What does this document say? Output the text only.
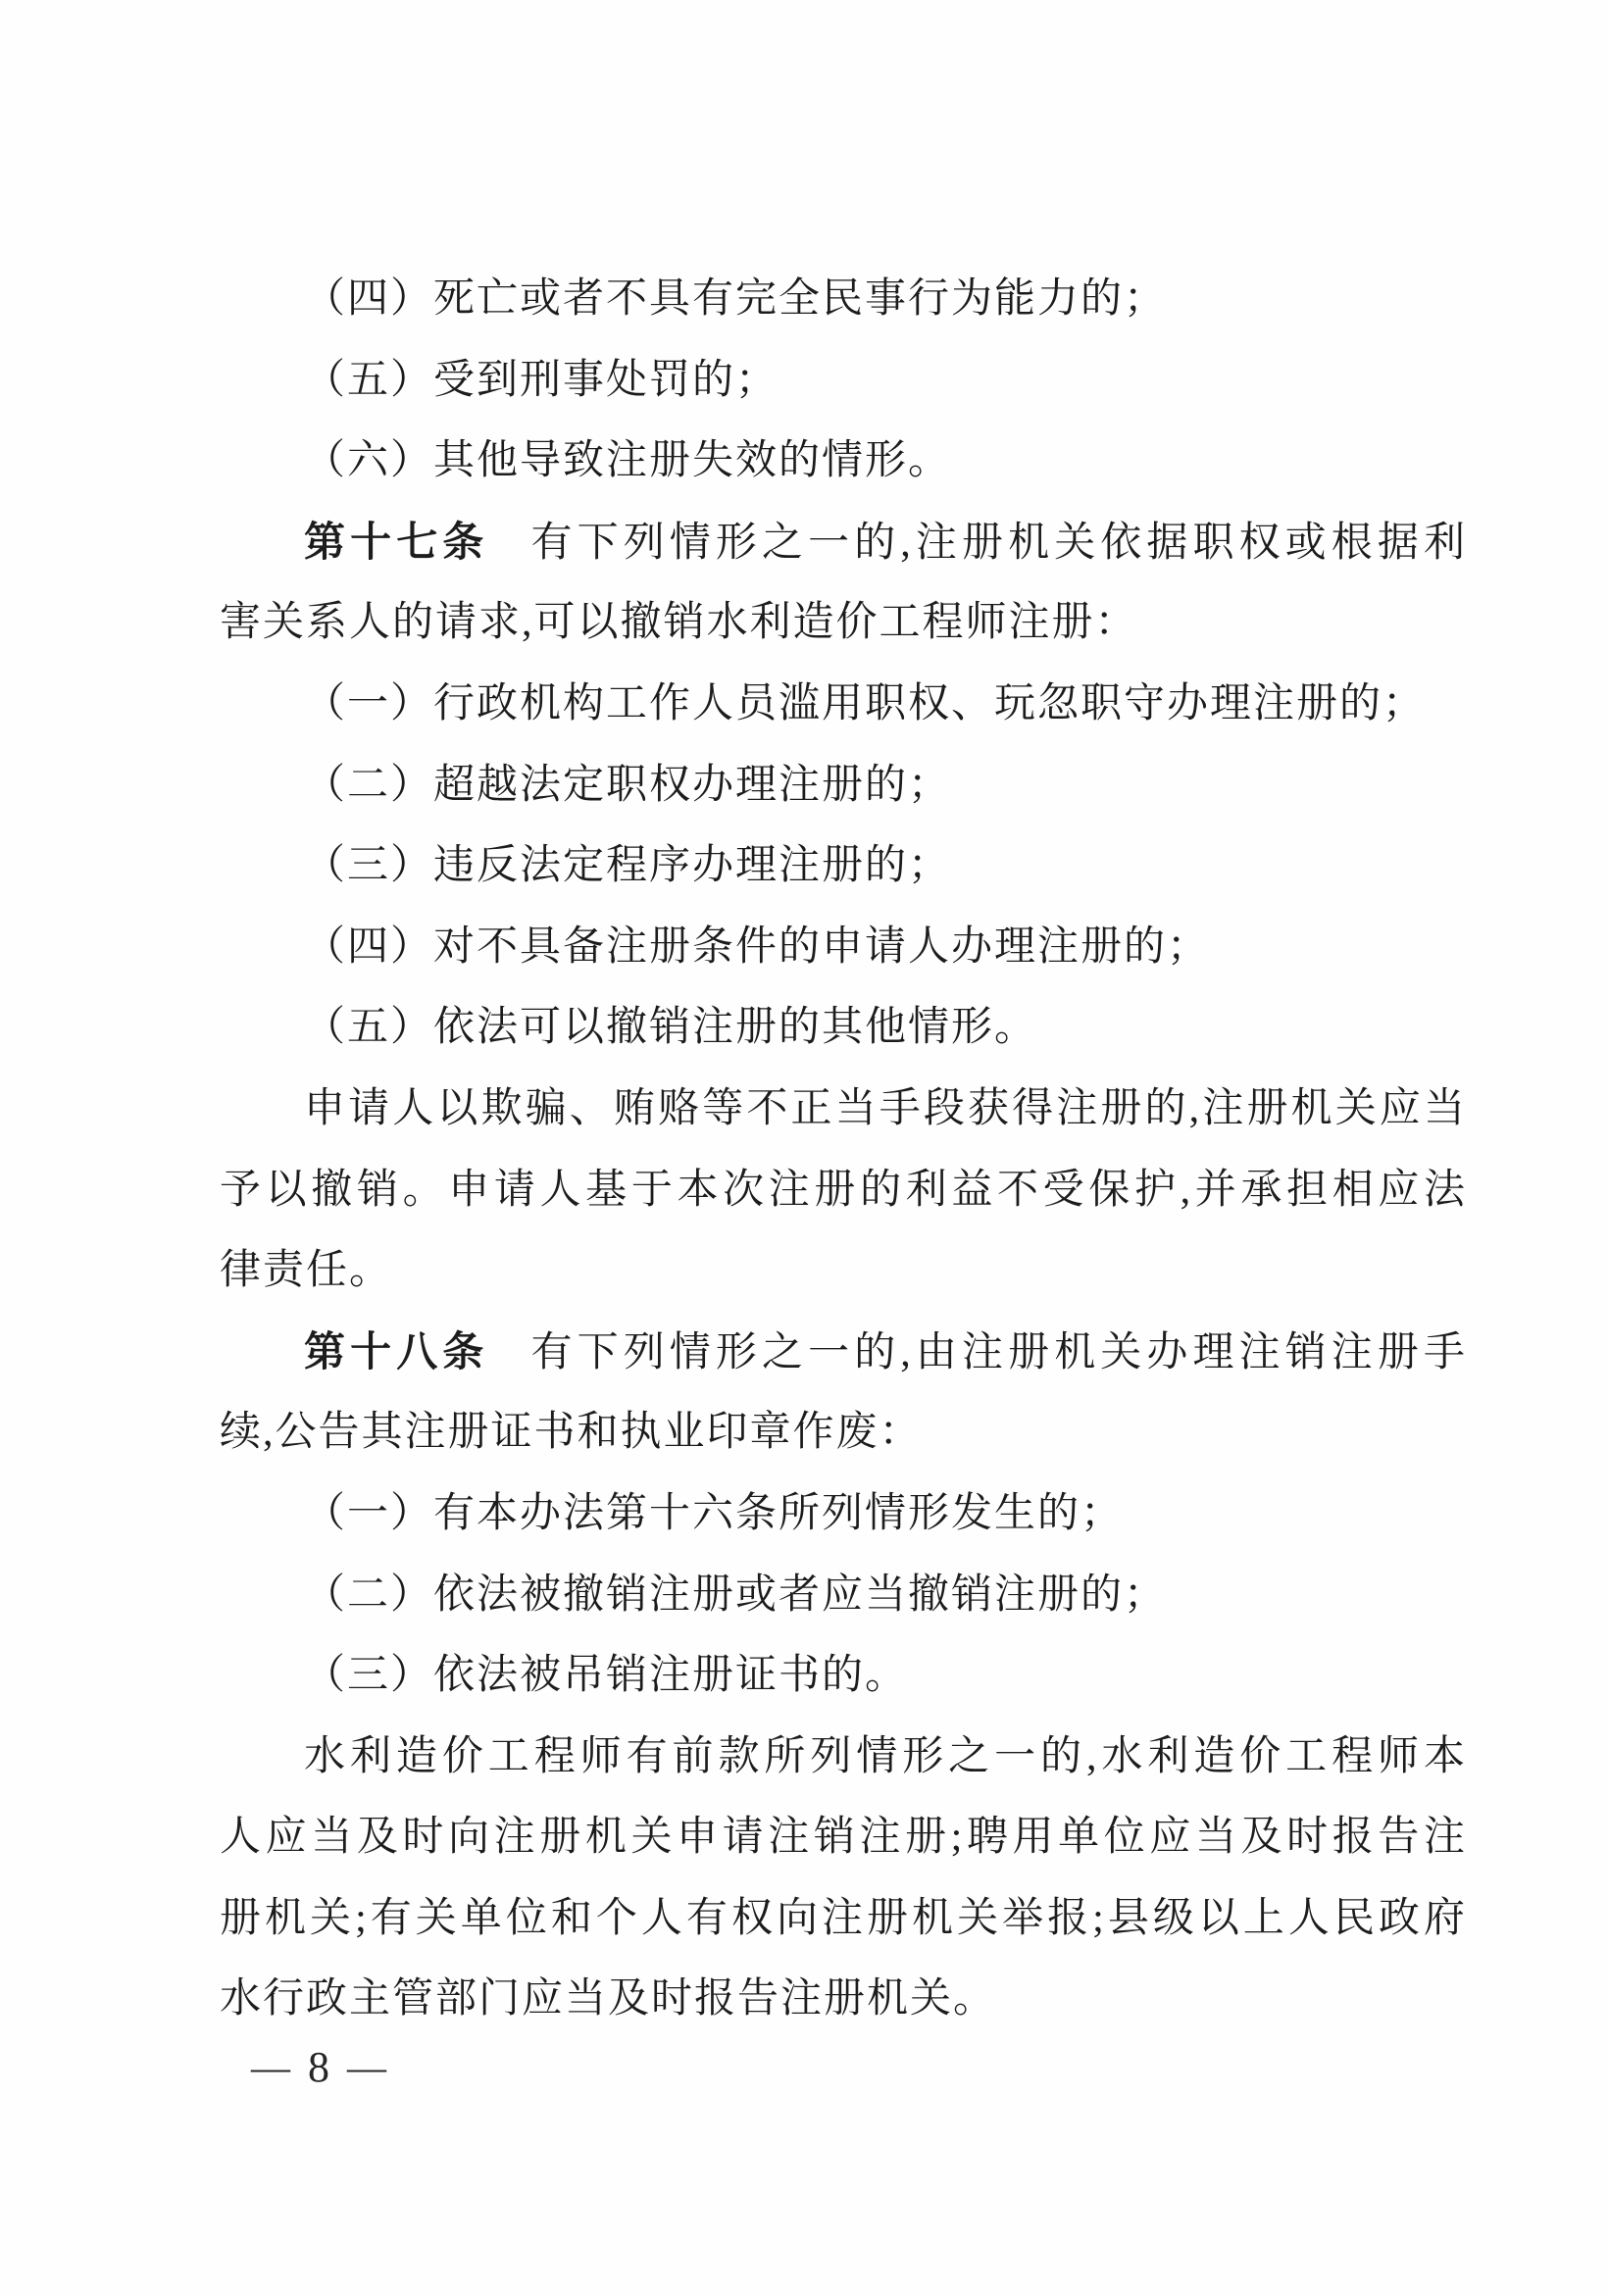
（四）死亡或者不具有完全民事行为能力的；
（五）受到刑事处罚的；
（六）其他导致注册失效的情形。
第十七条 有下列情形之一的,注册机关依据职权或根据利
害关系人的请求,可以撤销水利造价工程师注册：
（一）行政机构工作人员滥用职权、玩忽职守办理注册的；
（二）超越法定职权办理注册的；
（三）违反法定程序办理注册的；
（四）对不具备注册条件的申请人办理注册的；
（五）依法可以撤销注册的其他情形。
申请人以欺骗、贿赂等不正当手段获得注册的,注册机关应当
予以撤销。申请人基于本次注册的利益不受保护,并承担相应法
律责任。
第十八条 有下列情形之一的,由注册机关办理注销注册手
续,公告其注册证书和执业印章作废：
（一）有本办法第十六条所列情形发生的；
（二）依法被撤销注册或者应当撤销注册的；
（三）依法被吊销注册证书的。
水利造价工程师有前款所列情形之一的,水利造价工程师本
人应当及时向注册机关申请注销注册;聘用单位应当及时报告注
册机关;有关单位和个人有权向注册机关举报;县级以上人民政府
水行政主管部门应当及时报告注册机关。
— 8 —
